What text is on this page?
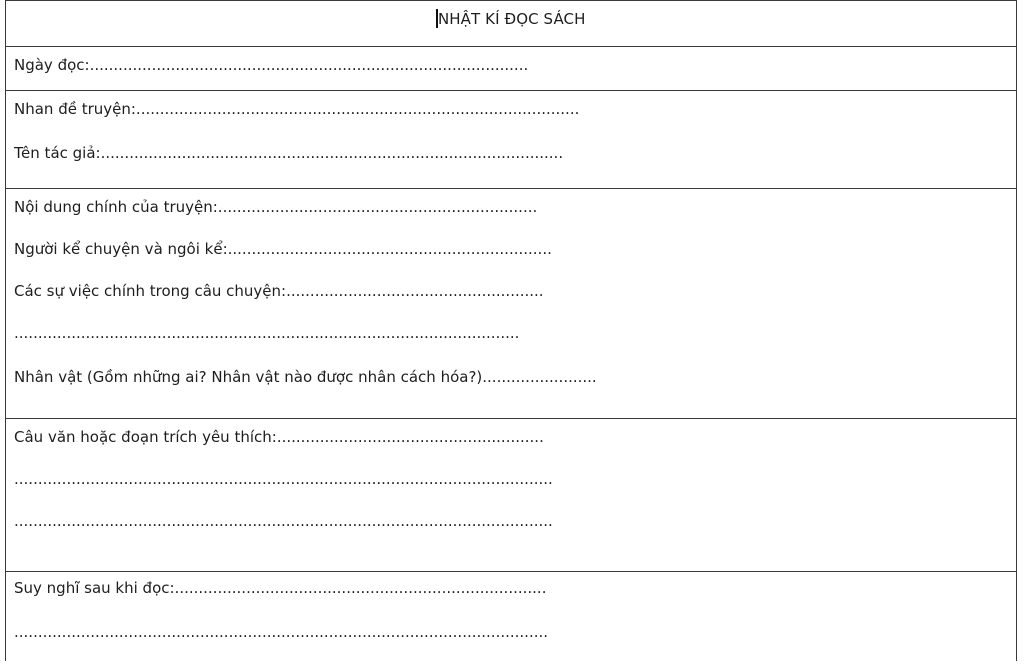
NHẬT KÍ ĐỌC SÁCH
Ngày đọc:............................................................................................
Nhan đề truyện:.............................................................................................
Tên tác giả:.................................................................................................
Nội dung chính của truyện:...................................................................
Người kể chuyện và ngôi kể:....................................................................
Các sự việc chính trong câu chuyện:......................................................
..........................................................................................................
Nhân vật (Gồm những ai? Nhân vật nào được nhân cách hóa?)........................
Câu văn hoặc đoạn trích yêu thích:........................................................
.................................................................................................................
.................................................................................................................
Suy nghĩ sau khi đọc:..............................................................................
................................................................................................................
